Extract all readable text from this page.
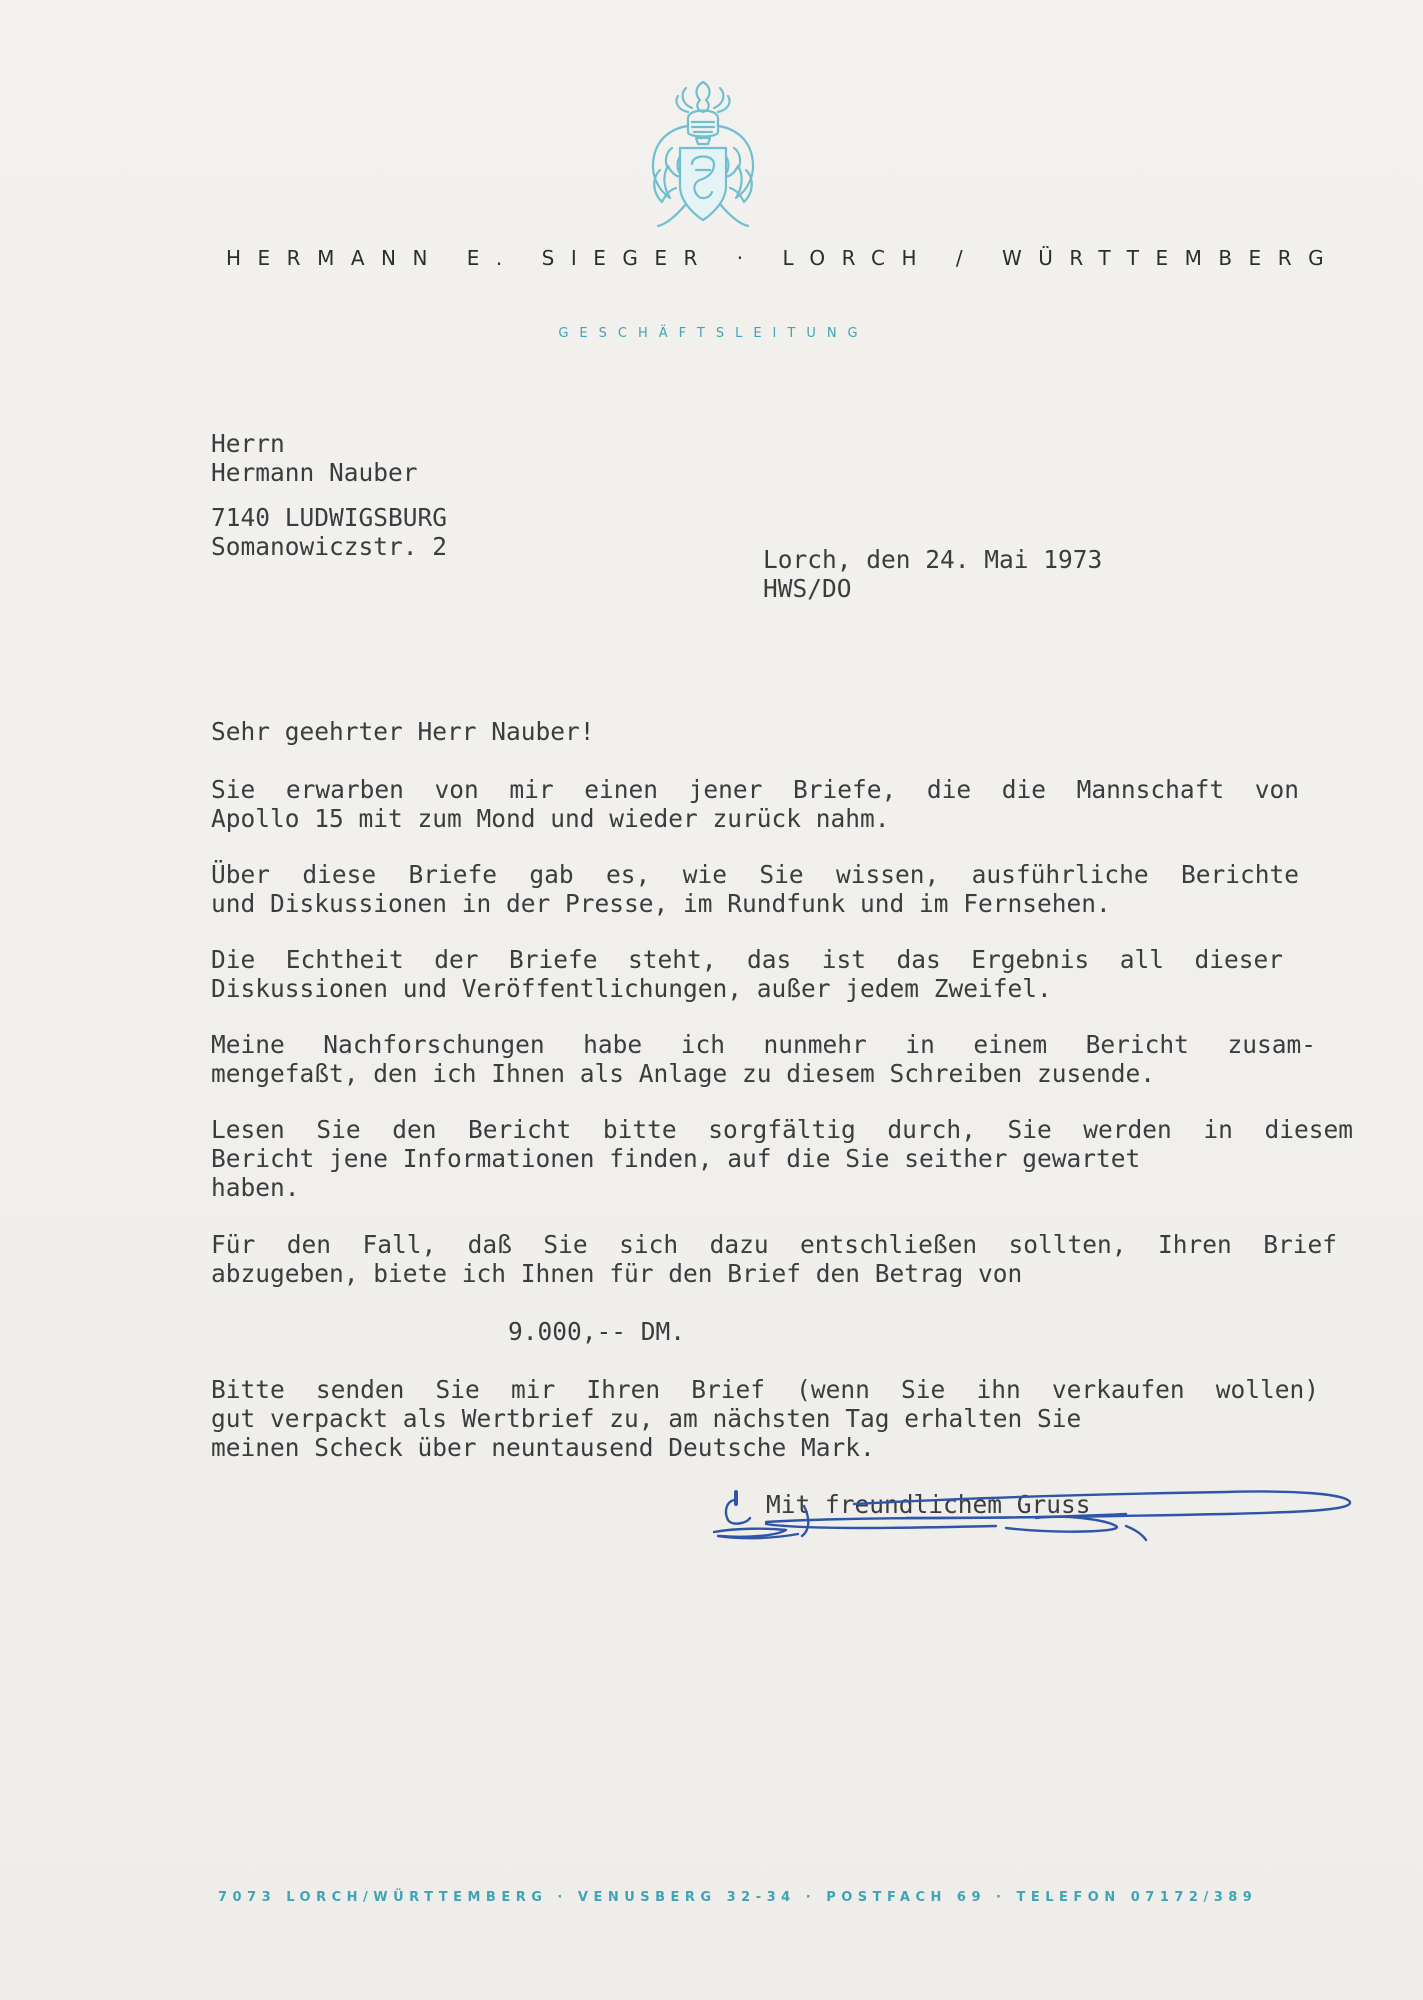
HERMANN E. SIEGER · LORCH / WÜRTTEMBERG
GESCHÄFTSLEITUNG
Herrn
Hermann Nauber
7140 LUDWIGSBURG
Somanowiczstr. 2	Lorch, den 24. Mai 1973
HWS/DO
Sehr geehrter Herr Nauber!
Sie erwarben von mir einen jener Briefe, die die Mannschaft von
Apollo 15 mit zum Mond und wieder zurück nahm.
Über diese Briefe gab es, wie Sie wissen, ausführliche Berichte
und Diskussionen in der Presse, im Rundfunk und im Fernsehen.
Die Echtheit der Briefe steht, das ist das Ergebnis all dieser
Diskussionen und Veröffentlichungen, außer jedem Zweifel.
Meine Nachforschungen habe ich nunmehr in einem Bericht zusam-
mengefaßt, den ich Ihnen als Anlage zu diesem Schreiben zusende.
Lesen Sie den Bericht bitte sorgfältig durch, Sie werden in diesem
Bericht jene Informationen finden, auf die Sie seither gewartet
haben.
Für den Fall, daß Sie sich dazu entschließen sollten, Ihren Brief
abzugeben, biete ich Ihnen für den Brief den Betrag von
9.000,-- DM.
Bitte senden Sie mir Ihren Brief (wenn Sie ihn verkaufen wollen)
gut verpackt als Wertbrief zu, am nächsten Tag erhalten Sie
meinen Scheck über neuntausend Deutsche Mark.
Mit freundlichem Gruss
7073 LORCH/WÜRTTEMBERG · VENUSBERG 32-34 · POSTFACH 69 · TELEFON 07172/389
